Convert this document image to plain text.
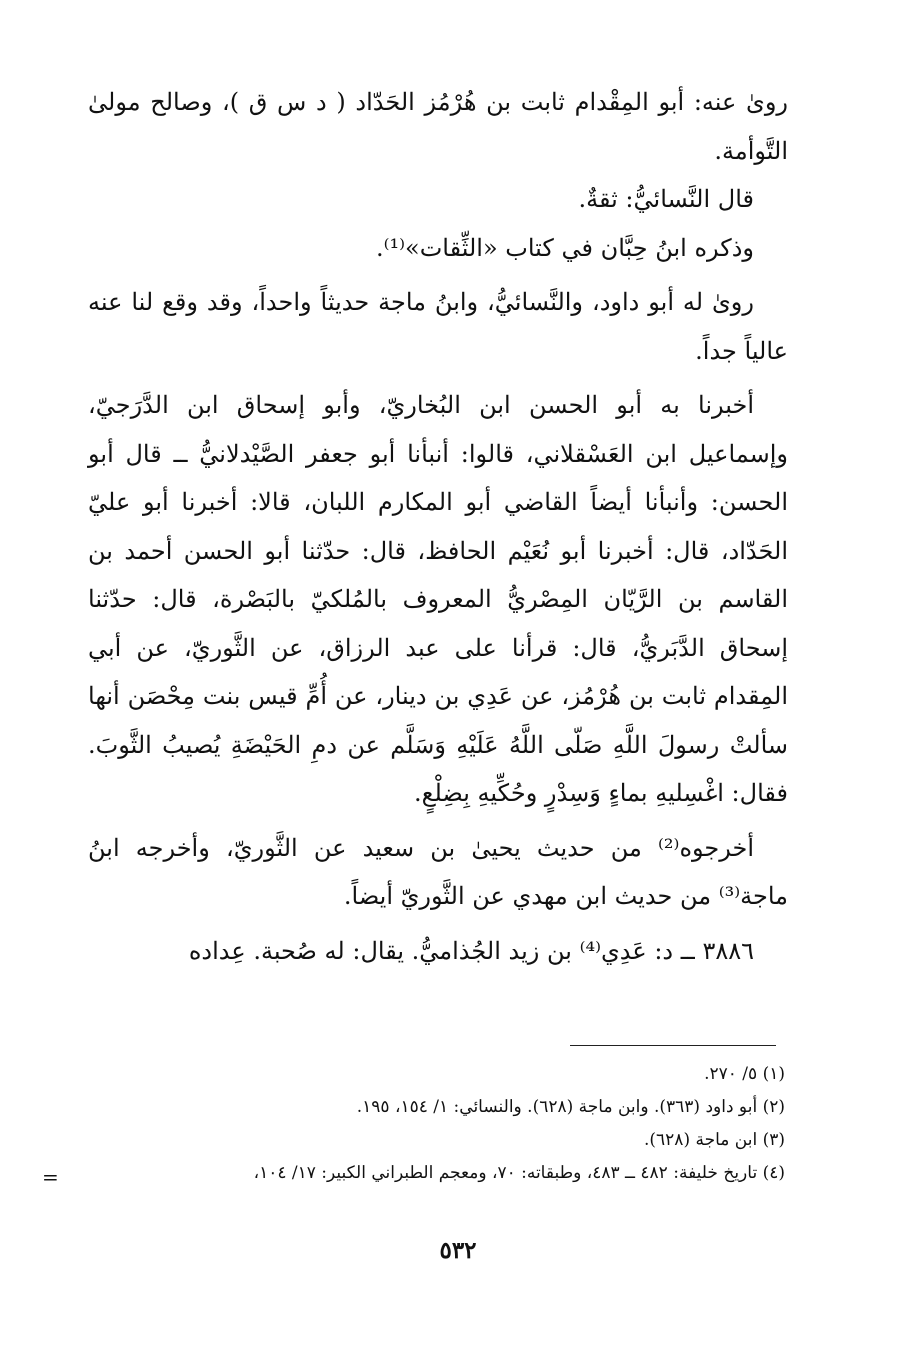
روىٰ عنه: أبو المِقْدام ثابت بن هُرْمُز الحَدّاد ( د س ق )، وصالح مولىٰ التَّوأمة.

قال النَّسائيُّ: ثقةٌ.

وذكره ابنُ حِبَّان في كتاب «الثِّقات»⁽¹⁾.

روىٰ له أبو داود، والنَّسائيُّ، وابنُ ماجة حديثاً واحداً، وقد وقع لنا عنه عالياً جداً.

أخبرنا به أبو الحسن ابن البُخاريّ، وأبو إسحاق ابن الدَّرَجيّ، وإسماعيل ابن العَسْقلاني، قالوا: أنبأنا أبو جعفر الصَّيْدلانيُّ ــ قال أبو الحسن: وأنبأنا أيضاً القاضي أبو المكارم اللبان، قالا: أخبرنا أبو عليّ الحَدّاد، قال: أخبرنا أبو نُعَيْم الحافظ، قال: حدّثنا أبو الحسن أحمد بن القاسم بن الرَّيّان المِصْريُّ المعروف بالمُلكيّ بالبَصْرة، قال: حدّثنا إسحاق الدَّبَريُّ، قال: قرأنا على عبد الرزاق، عن الثَّوريّ، عن أبي المِقدام ثابت بن هُرْمُز، عن عَدِي بن دينار، عن أُمِّ قيس بنت مِحْصَن أنها سألتْ رسولَ اللَّهِ صَلّى اللَّهُ عَلَيْهِ وَسَلَّم عن دمِ الحَيْضَةِ يُصيبُ الثَّوبَ. فقال: اغْسِليهِ بماءٍ وَسِدْرٍ وحُكِّيهِ بِضِلْعٍ.

أخرجوه⁽²⁾ من حديث يحيىٰ بن سعيد عن الثَّوريّ، وأخرجه ابنُ ماجة⁽³⁾ من حديث ابن مهدي عن الثَّوريّ أيضاً.

٣٨٨٦ ــ د: عَدِي⁽⁴⁾ بن زيد الجُذاميُّ. يقال: له صُحبة. عِداده

(١) ٥/ ٢٧٠.

(٢) أبو داود (٣٦٣). وابن ماجة (٦٢٨). والنسائي: ١/ ١٥٤، ١٩٥.

(٣) ابن ماجة (٦٢٨).

(٤) تاريخ خليفة: ٤٨٢ ــ ٤٨٣، وطبقاته: ٧٠، ومعجم الطبراني الكبير: ١٧/ ١٠٤،

=
٥٣٢
